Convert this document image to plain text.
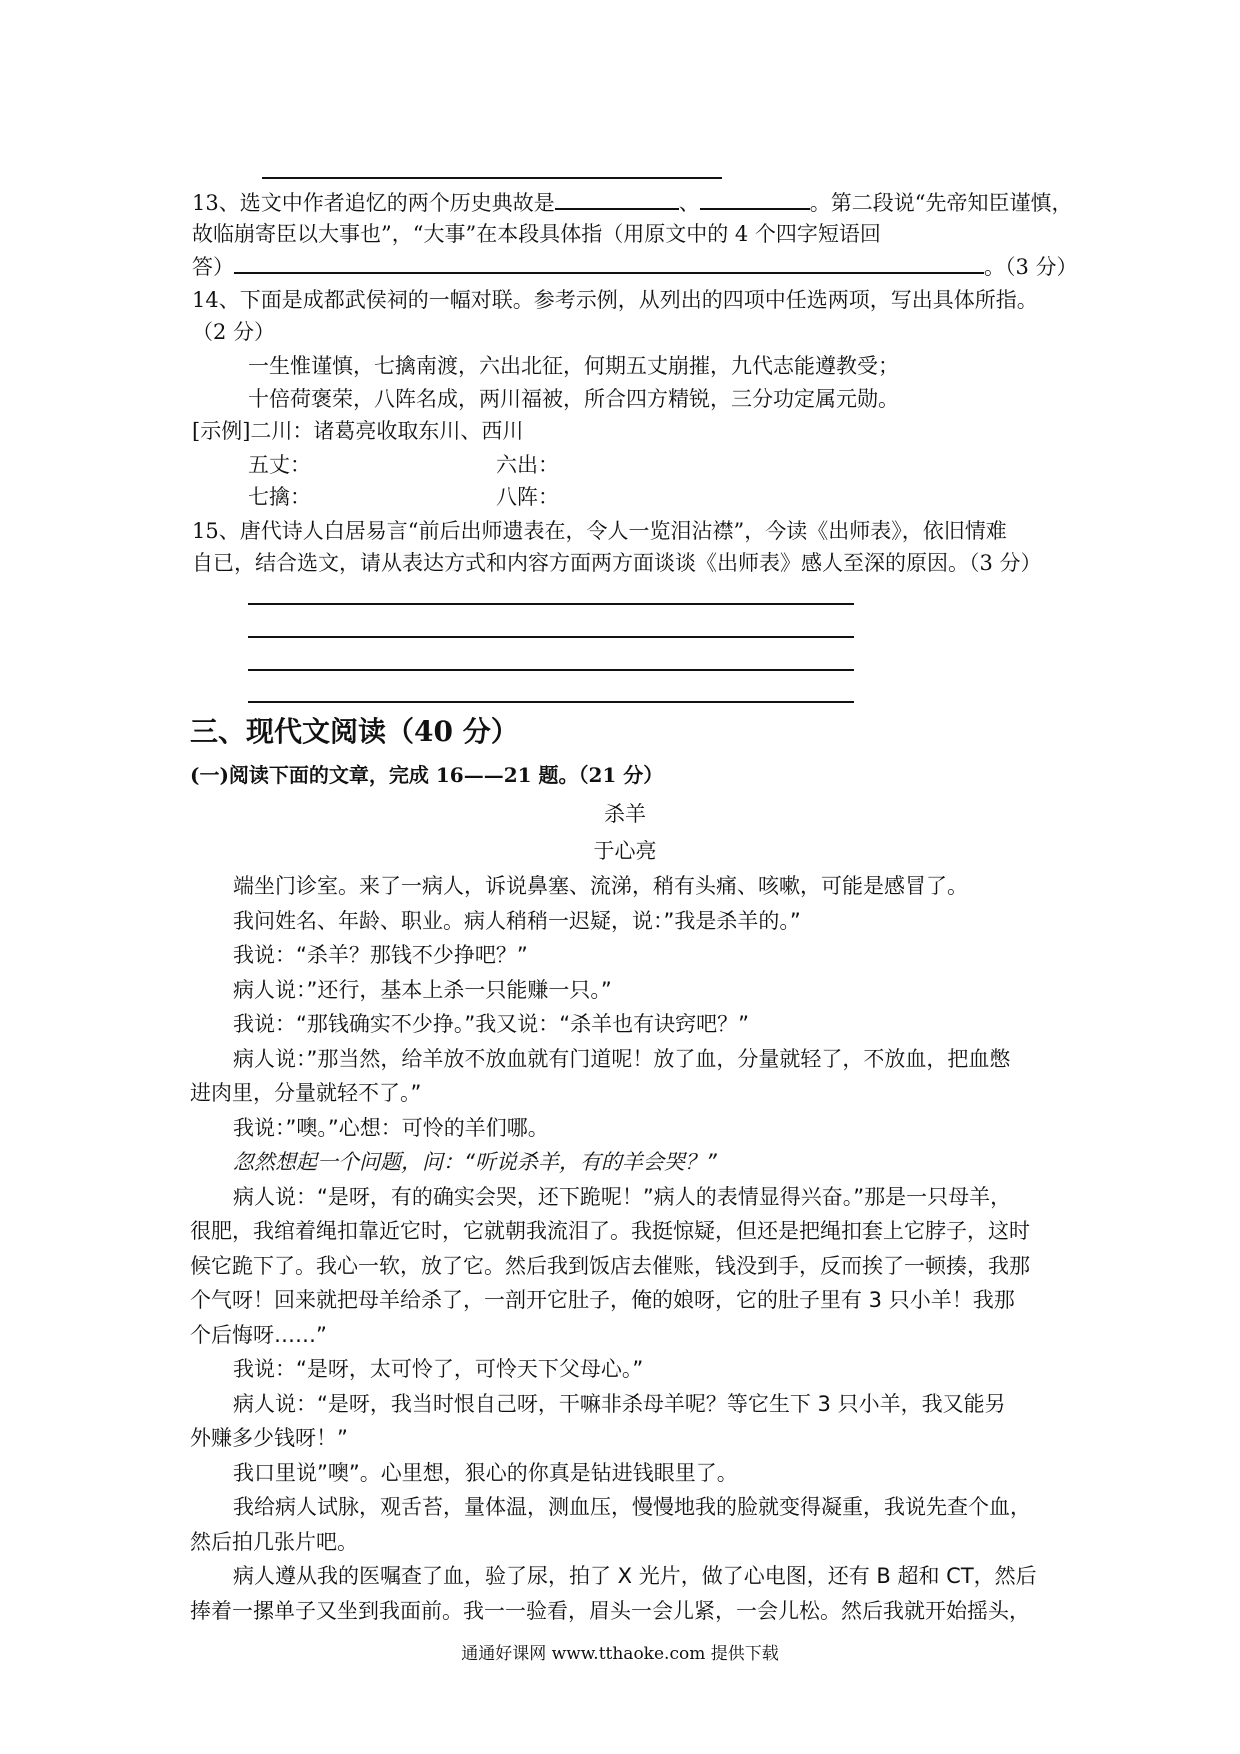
13、选文中作者追忆的两个历史典故是	、	。第二段说“先帝知臣谨慎，
故临崩寄臣以大事也”，“大事”在本段具体指（用原文中的 4 个四字短语回
答）	。（3 分）
14、下面是成都武侯祠的一幅对联。参考示例，从列出的四项中任选两项，写出具体所指。
（2 分）
一生惟谨慎，七擒南渡，六出北征，何期五丈崩摧，九代志能遵教受；
十倍荷褒荣，八阵名成，两川福被，所合四方精锐，三分功定属元勋。
[示例]二川：诸葛亮收取东川、西川
五丈：	六出：
七擒：	八阵：
15、唐代诗人白居易言“前后出师遗表在，令人一览泪沾襟”，今读《出师表》，依旧情难
自已，结合选文，请从表达方式和内容方面两方面谈谈《出师表》感人至深的原因。（3 分）
三、现代文阅读（40 分）
(一)阅读下面的文章，完成 16——21 题。（21 分）
杀羊
于心亮
端坐门诊室。来了一病人，诉说鼻塞、流涕，稍有头痛、咳嗽，可能是感冒了。
我问姓名、年龄、职业。病人稍稍一迟疑，说：”我是杀羊的。”
我说：“杀羊？那钱不少挣吧？”
病人说：”还行，基本上杀一只能赚一只。”
我说：“那钱确实不少挣。”我又说：“杀羊也有诀窍吧？”
病人说：”那当然，给羊放不放血就有门道呢！放了血，分量就轻了，不放血，把血憋
进肉里，分量就轻不了。”
我说：”噢。”心想：可怜的羊们哪。
忽然想起一个问题，问：“听说杀羊，有的羊会哭？”
病人说：“是呀，有的确实会哭，还下跪呢！”病人的表情显得兴奋。”那是一只母羊，
很肥，我绾着绳扣靠近它时，它就朝我流泪了。我挺惊疑，但还是把绳扣套上它脖子，这时
候它跪下了。我心一软，放了它。然后我到饭店去催账，钱没到手，反而挨了一顿揍，我那
个气呀！回来就把母羊给杀了，一剖开它肚子，俺的娘呀，它的肚子里有 3 只小羊！我那
个后悔呀……”
我说：“是呀，太可怜了，可怜天下父母心。”
病人说：“是呀，我当时恨自己呀，干嘛非杀母羊呢？等它生下 3 只小羊，我又能另
外赚多少钱呀！”
我口里说”噢”。心里想，狠心的你真是钻进钱眼里了。
我给病人试脉，观舌苔，量体温，测血压，慢慢地我的脸就变得凝重，我说先查个血，
然后拍几张片吧。
病人遵从我的医嘱查了血，验了尿，拍了 X 光片，做了心电图，还有 B 超和 CT，然后
捧着一摞单子又坐到我面前。我一一验看，眉头一会儿紧，一会儿松。然后我就开始摇头，
通通好课网 www.tthaoke.com 提供下载
